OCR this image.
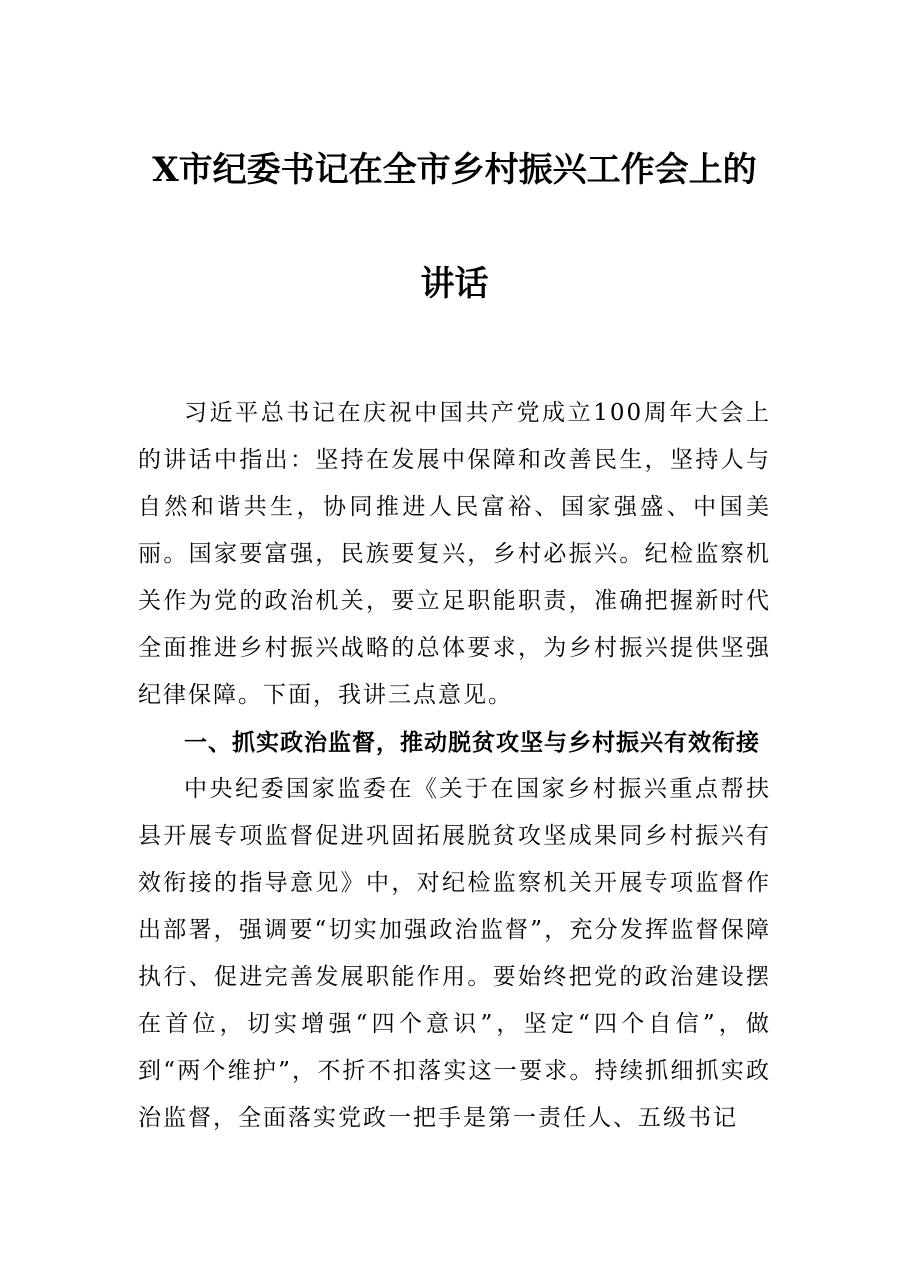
X市纪委书记在全市乡村振兴工作会上的
讲话

习近平总书记在庆祝中国共产党成立100周年大会上的讲话中指出：坚持在发展中保障和改善民生，坚持人与自然和谐共生，协同推进人民富裕、国家强盛、中国美丽。国家要富强，民族要复兴，乡村必振兴。纪检监察机关作为党的政治机关，要立足职能职责，准确把握新时代全面推进乡村振兴战略的总体要求，为乡村振兴提供坚强纪律保障。下面，我讲三点意见。

一、抓实政治监督，推动脱贫攻坚与乡村振兴有效衔接

中央纪委国家监委在《关于在国家乡村振兴重点帮扶县开展专项监督促进巩固拓展脱贫攻坚成果同乡村振兴有效衔接的指导意见》中，对纪检监察机关开展专项监督作出部署，强调要“切实加强政治监督”，充分发挥监督保障执行、促进完善发展职能作用。要始终把党的政治建设摆在首位，切实增强“四个意识”，坚定“四个自信”，做到“两个维护”，不折不扣落实这一要求。持续抓细抓实政治监督，全面落实党政一把手是第一责任人、五级书记
